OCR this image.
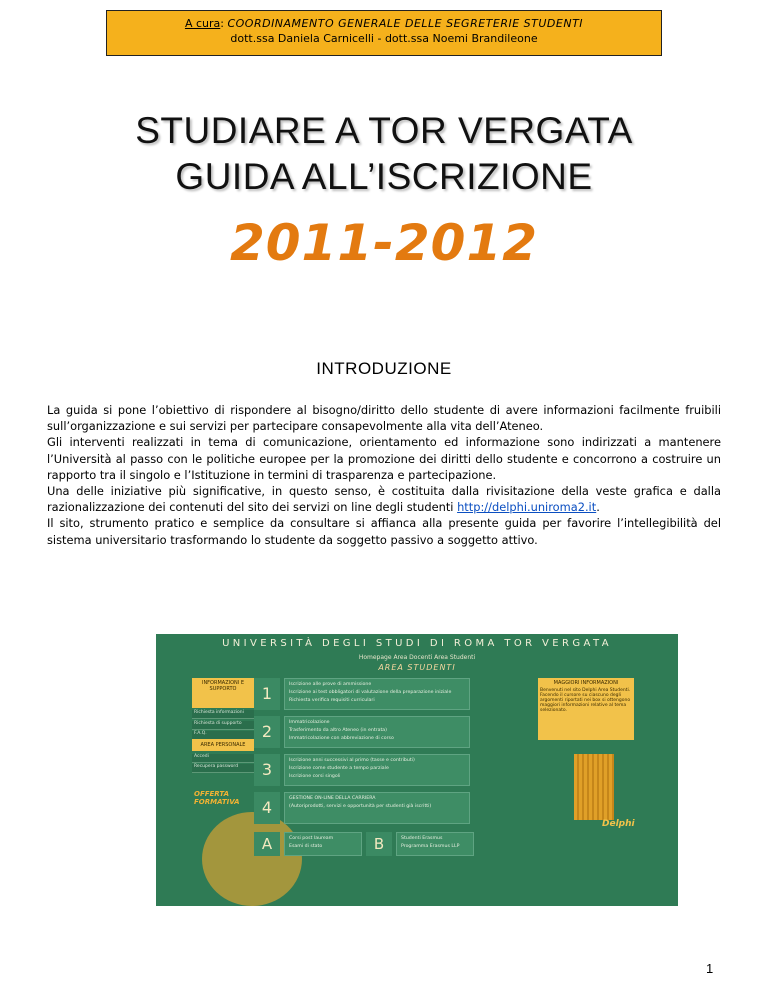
A cura: COORDINAMENTO GENERALE DELLE SEGRETERIE STUDENTI
dott.ssa Daniela Carnicelli - dott.ssa Noemi Brandileone
STUDIARE A TOR VERGATA
GUIDA ALL’ISCRIZIONE
2011-2012
INTRODUZIONE

La guida si pone l’obiettivo di rispondere al bisogno/diritto dello studente di avere informazioni facilmente fruibili sull’organizzazione e sui servizi per partecipare consapevolmente alla vita dell’Ateneo.

Gli interventi realizzati in tema di comunicazione, orientamento ed informazione sono indirizzati a mantenere l’Università al passo con le politiche europee per la promozione dei diritti dello studente e concorrono a costruire un rapporto tra il singolo e l’Istituzione in termini di trasparenza e partecipazione.

Una delle iniziative più significative, in questo senso, è costituita dalla rivisitazione della veste grafica e dalla razionalizzazione dei contenuti del sito dei servizi on line degli studenti http://delphi.uniroma2.it.

Il sito, strumento pratico e semplice da consultare si affianca alla presente guida per favorire l’intellegibilità del sistema universitario trasformando lo studente da soggetto passivo a soggetto attivo.

UNIVERSITÀ DEGLI STUDI DI ROMA TOR VERGATA
Homepage Area Docenti Area Studenti
AREA STUDENTI
INFORMAZIONI E SUPPORTO
Richiesta informazioni
Richiesta di supporto
F.A.Q.
AREA PERSONALE
Accedi
Recupera password
OFFERTA FORMATIVA
1	Iscrizione alle prove di ammissione
Iscrizione ai test obbligatori di valutazione della preparazione iniziale
Richiesta verifica requisiti curriculari
2	Immatricolazione
Trasferimento da altro Ateneo (in entrata)
Immatricolazione con abbreviazione di corso
3	Iscrizione anni successivi al primo (tasse e contributi)
Iscrizione come studente a tempo parziale
Iscrizione corsi singoli
4	GESTIONE ON-LINE DELLA CARRIERA
(Autoriprodotti, servizi e opportunità per studenti già iscritti)
A	Corsi post lauream
Esami di stato	B	Studenti Erasmus
Programma Erasmus LLP
MAGGIORI INFORMAZIONI
Benvenuti nel sito Delphi Area Studenti. Facendo il cursore su ciascuno degli argomenti riportati nei box si ottengono maggiori informazioni relative al tema selezionato.
Delphi
1
